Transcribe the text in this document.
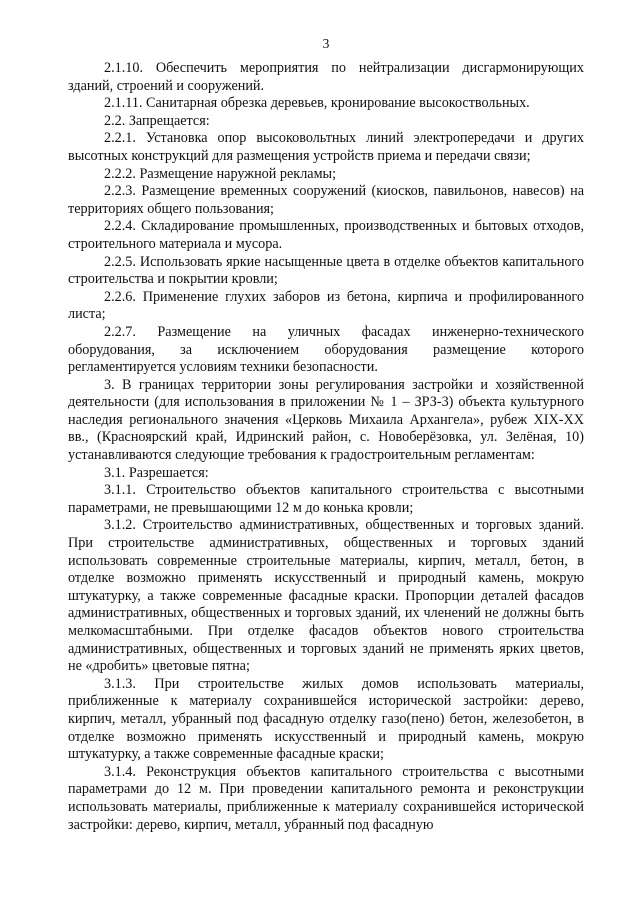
3

2.1.10. Обеспечить мероприятия по нейтрализации дисгармонирующих зданий, строений и сооружений.

2.1.11. Санитарная обрезка деревьев, кронирование высокоствольных.

2.2. Запрещается:

2.2.1. Установка опор высоковольтных линий электропередачи и других высотных конструкций для размещения устройств приема и передачи связи;

2.2.2. Размещение наружной рекламы;

2.2.3. Размещение временных сооружений (киосков, павильонов, навесов) на территориях общего пользования;

2.2.4. Складирование промышленных, производственных и бытовых отходов, строительного материала и мусора.

2.2.5. Использовать яркие насыщенные цвета в отделке объектов капитального строительства и покрытии кровли;

2.2.6. Применение глухих заборов из бетона, кирпича и профилированного листа;

2.2.7. Размещение на уличных фасадах инженерно-технического оборудования, за исключением оборудования размещение которого регламентируется условиям техники безопасности.

3. В границах территории зоны регулирования застройки и хозяйственной деятельности (для использования в приложении № 1 – ЗРЗ-3) объекта культурного наследия регионального значения «Церковь Михаила Архангела», рубеж XIX-XX вв., (Красноярский край, Идринский район, с. Новоберёзовка, ул. Зелёная, 10) устанавливаются следующие требования к градостроительным регламентам:

3.1. Разрешается:

3.1.1. Строительство объектов капитального строительства с высотными параметрами, не превышающими 12 м до конька кровли;

3.1.2. Строительство административных, общественных и торговых зданий. При строительстве административных, общественных и торговых зданий использовать современные строительные материалы, кирпич, металл, бетон, в отделке возможно применять искусственный и природный камень, мокрую штукатурку, а также современные фасадные краски. Пропорции деталей фасадов административных, общественных и торговых зданий, их членений не должны быть мелкомасштабными. При отделке фасадов объектов нового строительства административных, общественных и торговых зданий не применять ярких цветов, не «дробить» цветовые пятна;

3.1.3. При строительстве жилых домов использовать материалы, приближенные к материалу сохранившейся исторической застройки: дерево, кирпич, металл, убранный под фасадную отделку газо(пено) бетон, железобетон, в отделке возможно применять искусственный и природный камень, мокрую штукатурку, а также современные фасадные краски;

3.1.4. Реконструкция объектов капитального строительства с высотными параметрами до 12 м. При проведении капитального ремонта и реконструкции использовать материалы, приближенные к материалу сохранившейся исторической застройки: дерево, кирпич, металл, убранный под фасадную
